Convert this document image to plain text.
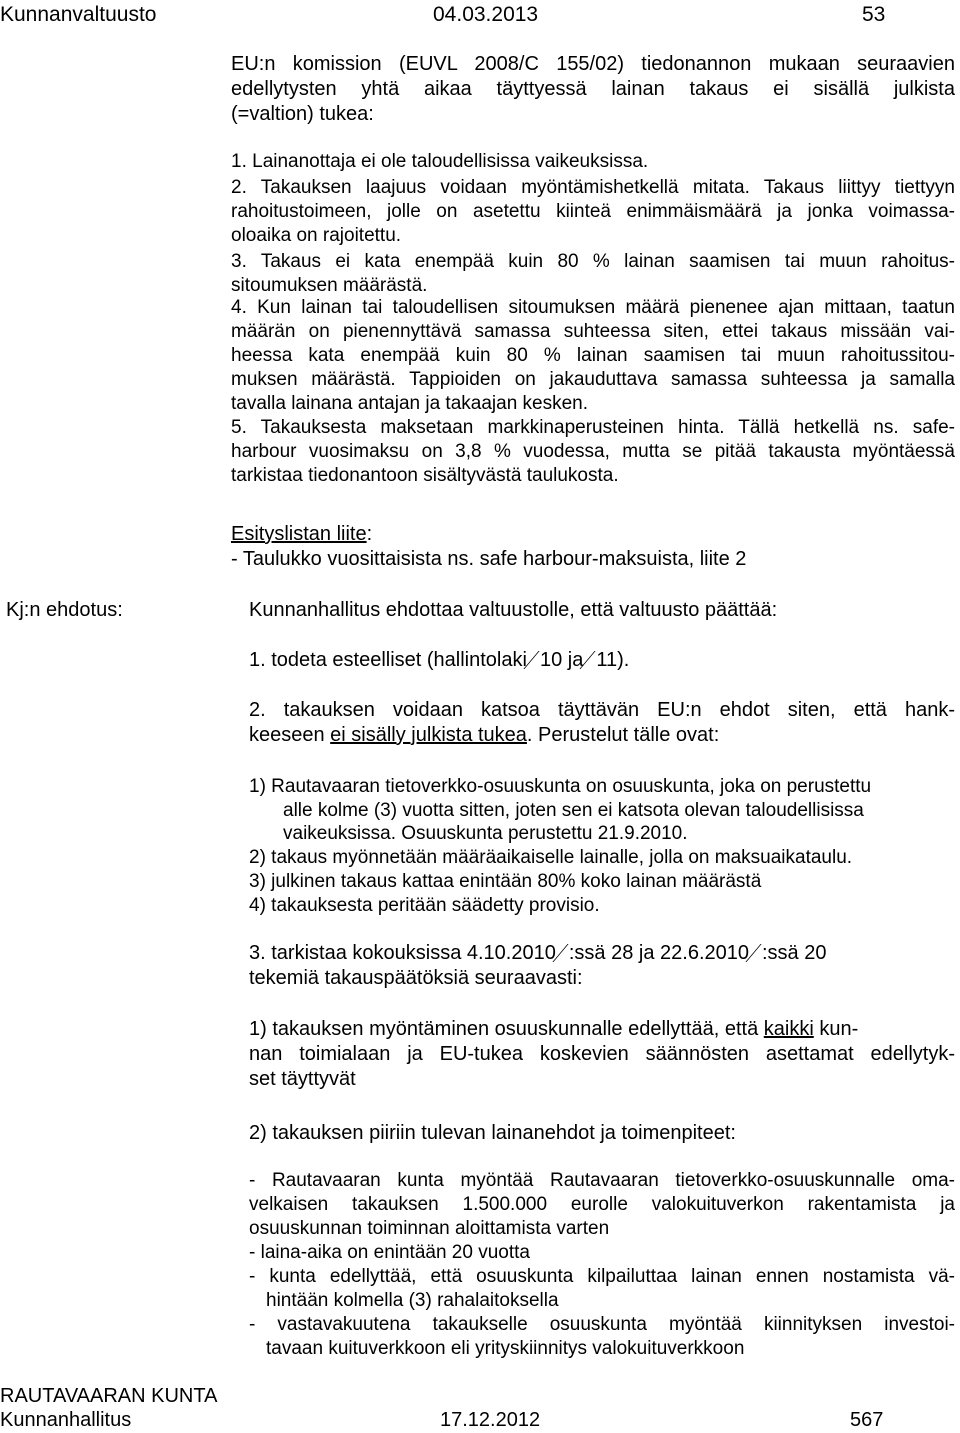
Kunnanvaltuusto	04.03.2013	53
EU:n komission (EUVL 2008/C 155/02) tiedonannon mukaan seuraavien
edellytysten yhtä aikaa täyttyessä lainan takaus ei sisällä julkista
(=valtion) tukea:
1. Lainanottaja ei ole taloudellisissa vaikeuksissa.
2. Takauksen laajuus voidaan myöntämishetkellä mitata. Takaus liittyy tiettyyn
rahoitustoimeen, jolle on asetettu kiinteä enimmäismäärä ja jonka voimassa-
oloaika on rajoitettu.
3. Takaus ei kata enempää kuin 80 % lainan saamisen tai muun rahoitus-
sitoumuksen määrästä.
4. Kun lainan tai taloudellisen sitoumuksen määrä pienenee ajan mittaan, taatun
määrän on pienennyttävä samassa suhteessa siten, ettei takaus missään vai-
heessa kata enempää kuin 80 % lainan saamisen tai muun rahoitussitou-
muksen määrästä. Tappioiden on jakauduttava samassa suhteessa ja samalla
tavalla lainana antajan ja takaajan kesken.
5. Takauksesta maksetaan markkinaperusteinen hinta. Tällä hetkellä ns. safe-
harbour vuosimaksu on 3,8 % vuodessa, mutta se pitää takausta myöntäessä
tarkistaa tiedonantoon sisältyvästä taulukosta.
Esityslistan liite:
- Taulukko vuosittaisista ns. safe harbour-maksuista, liite 2
Kj:n ehdotus:	Kunnanhallitus ehdottaa valtuustolle, että valtuusto päättää:
1. todeta esteelliset (hallintolaki 10 ja 11).
2. takauksen voidaan katsoa täyttävän EU:n ehdot siten, että hank-
keeseen ei sisälly julkista tukea. Perustelut tälle ovat:
1) Rautavaaran tietoverkko-osuuskunta on osuuskunta, joka on perustettu
alle kolme (3) vuotta sitten, joten sen ei katsota olevan taloudellisissa
vaikeuksissa. Osuuskunta perustettu 21.9.2010.
2) takaus myönnetään määräaikaiselle lainalle, jolla on maksuaikataulu.
3) julkinen takaus kattaa enintään 80% koko lainan määrästä
4) takauksesta peritään säädetty provisio.
3. tarkistaa kokouksissa 4.10.2010 :ssä 28 ja 22.6.2010 :ssä 20
tekemiä takauspäätöksiä seuraavasti:
1) takauksen myöntäminen osuuskunnalle edellyttää, että kaikki kun-
nan toimialaan ja EU-tukea koskevien säännösten asettamat edellytyk-
set täyttyvät
2) takauksen piiriin tulevan lainanehdot ja toimenpiteet:
- Rautavaaran kunta myöntää Rautavaaran tietoverkko-osuuskunnalle oma-
velkaisen takauksen 1.500.000 eurolle valokuituverkon rakentamista ja
osuuskunnan toiminnan aloittamista varten
- laina-aika on enintään 20 vuotta
- kunta edellyttää, että osuuskunta kilpailuttaa lainan ennen nostamista vä-
hintään kolmella (3) rahalaitoksella
- vastavakuutena takaukselle osuuskunta myöntää kiinnityksen investoi-
tavaan kuituverkkoon eli yrityskiinnitys valokuituverkkoon
RAUTAVAARAN KUNTA
Kunnanhallitus	17.12.2012	567
